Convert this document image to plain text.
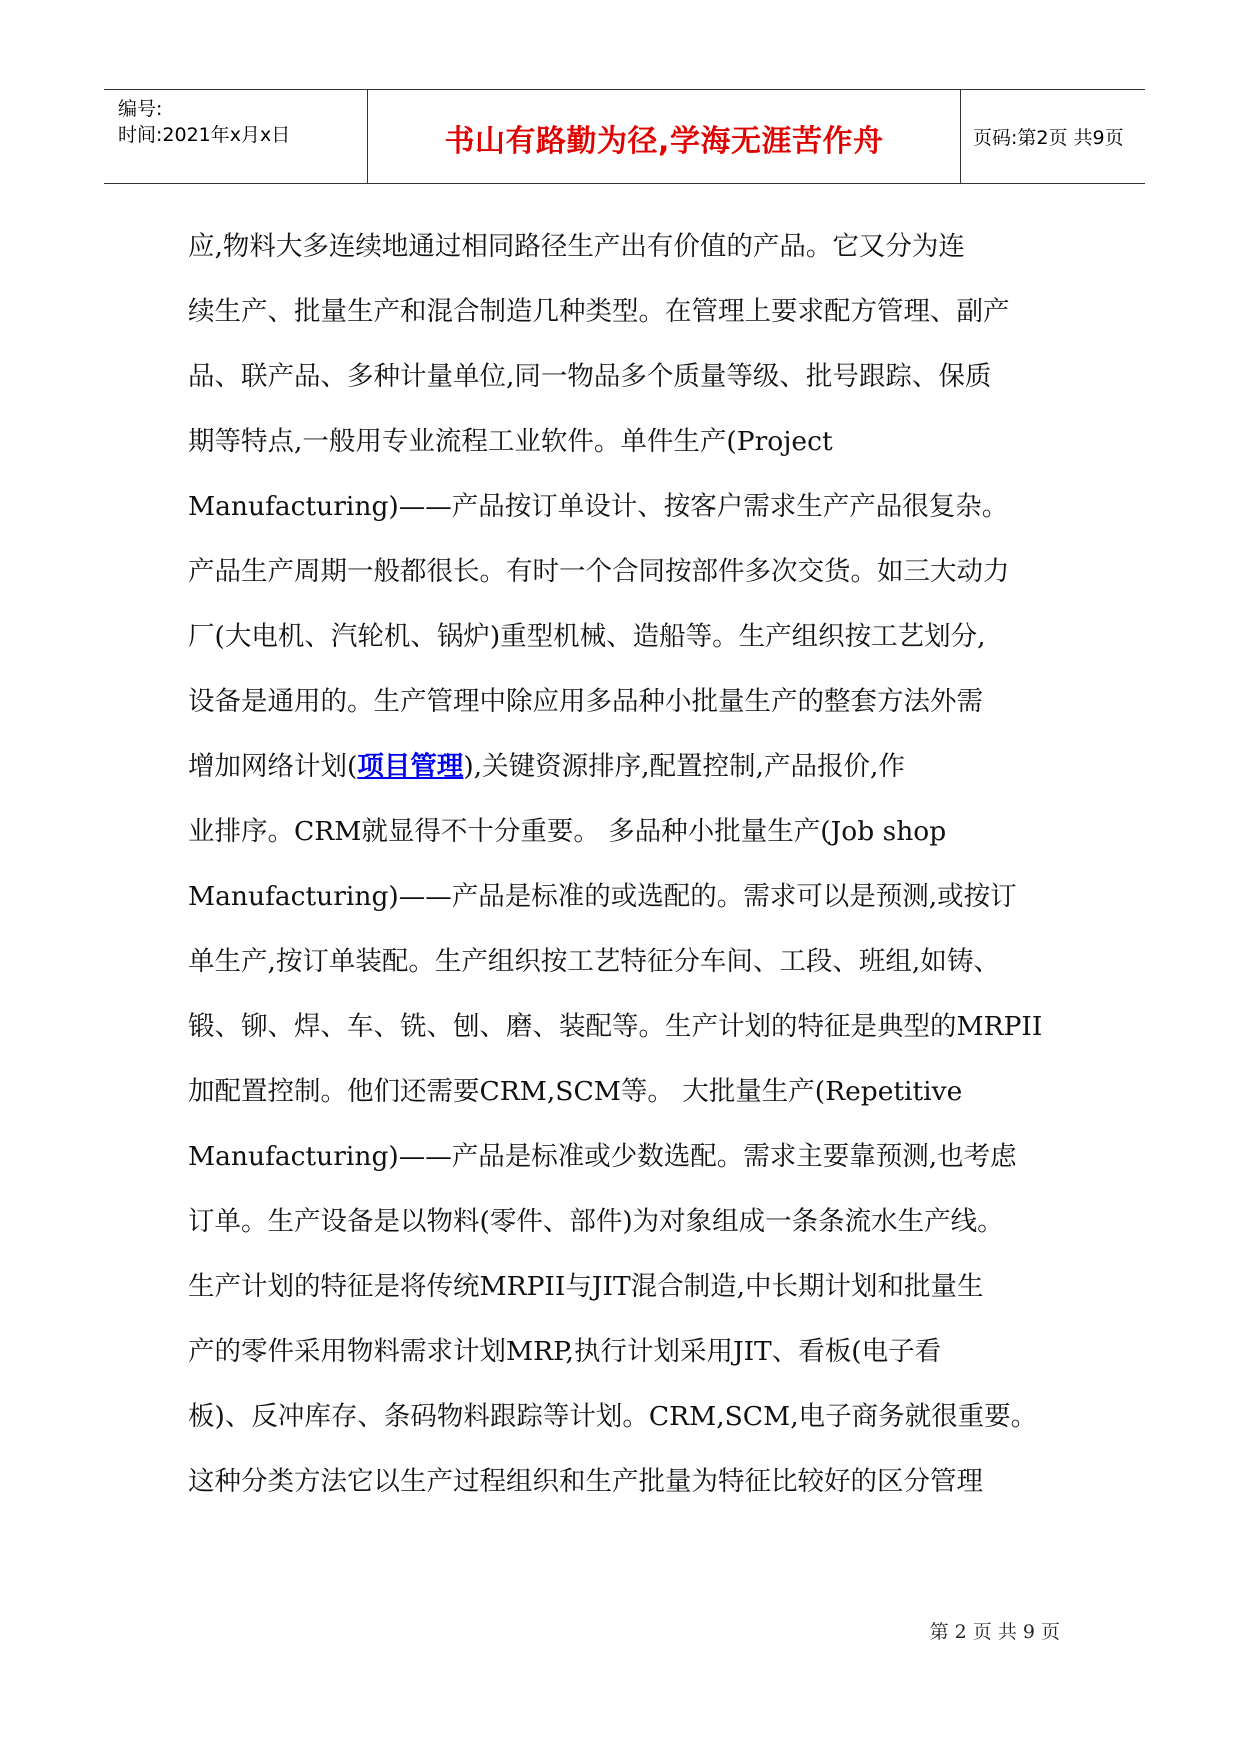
编号:
时间:2021年x月x日	书山有路勤为径,学海无涯苦作舟	页码:第2页 共9页
应,物料大多连续地通过相同路径生产出有价值的产品。它又分为连
续生产、批量生产和混合制造几种类型。在管理上要求配方管理、副产
品、联产品、多种计量单位,同一物品多个质量等级、批号跟踪、保质
期等特点,一般用专业流程工业软件。单件生产(Project
Manufacturing)——产品按订单设计、按客户需求生产产品很复杂。
产品生产周期一般都很长。有时一个合同按部件多次交货。如三大动力
厂(大电机、汽轮机、锅炉)重型机械、造船等。生产组织按工艺划分,
设备是通用的。生产管理中除应用多品种小批量生产的整套方法外需
增加网络计划(项目管理),关键资源排序,配置控制,产品报价,作
业排序。CRM就显得不十分重要。 多品种小批量生产(Job shop
Manufacturing)——产品是标准的或选配的。需求可以是预测,或按订
单生产,按订单装配。生产组织按工艺特征分车间、工段、班组,如铸、
锻、铆、焊、车、铣、刨、磨、装配等。生产计划的特征是典型的MRPII
加配置控制。他们还需要CRM,SCM等。 大批量生产(Repetitive
Manufacturing)——产品是标准或少数选配。需求主要靠预测,也考虑
订单。生产设备是以物料(零件、部件)为对象组成一条条流水生产线。
生产计划的特征是将传统MRPII与JIT混合制造,中长期计划和批量生
产的零件采用物料需求计划MRP,执行计划采用JIT、看板(电子看
板)、反冲库存、条码物料跟踪等计划。CRM,SCM,电子商务就很重要。
这种分类方法它以生产过程组织和生产批量为特征比较好的区分管理
第 2 页 共 9 页
